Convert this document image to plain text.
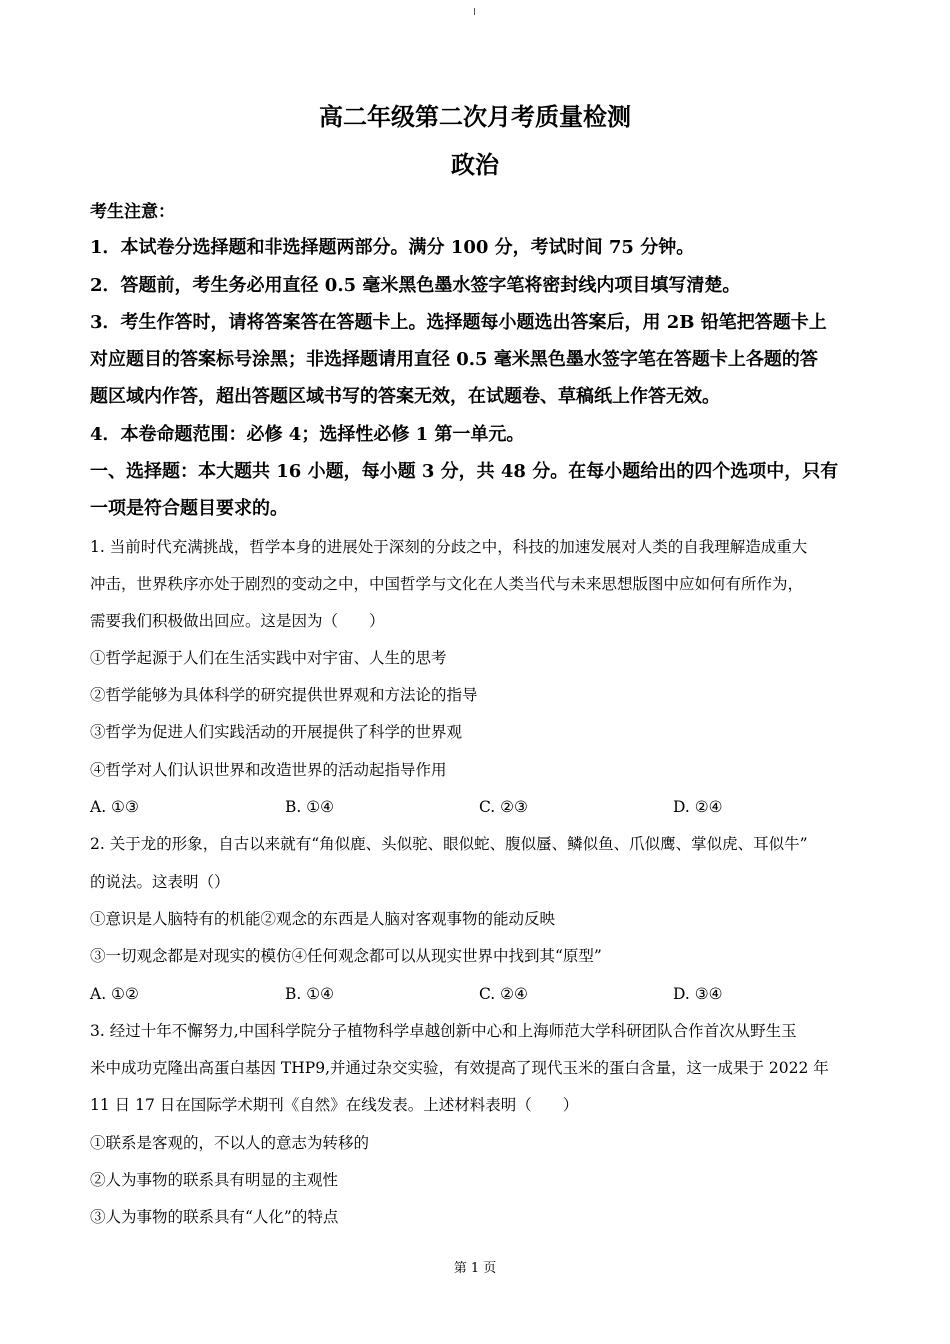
高二年级第二次月考质量检测
政治
考生注意：
1．本试卷分选择题和非选择题两部分。满分 100 分，考试时间 75 分钟。
2．答题前，考生务必用直径 0.5 毫米黑色墨水签字笔将密封线内项目填写清楚。
3．考生作答时，请将答案答在答题卡上。选择题每小题选出答案后，用 2B 铅笔把答题卡上
对应题目的答案标号涂黑；非选择题请用直径 0.5 毫米黑色墨水签字笔在答题卡上各题的答
题区域内作答，超出答题区域书写的答案无效，在试题卷、草稿纸上作答无效。
4．本卷命题范围：必修 4；选择性必修 1 第一单元。
一、选择题：本大题共 16 小题，每小题 3 分，共 48 分。在每小题给出的四个选项中，只有
一项是符合题目要求的。
1. 当前时代充满挑战，哲学本身的进展处于深刻的分歧之中，科技的加速发展对人类的自我理解造成重大
冲击，世界秩序亦处于剧烈的变动之中，中国哲学与文化在人类当代与未来思想版图中应如何有所作为，
需要我们积极做出回应。这是因为（　　）
①哲学起源于人们在生活实践中对宇宙、人生的思考
②哲学能够为具体科学的研究提供世界观和方法论的指导
③哲学为促进人们实践活动的开展提供了科学的世界观
④哲学对人们认识世界和改造世界的活动起指导作用
A. ①③	B. ①④	C. ②③	D. ②④
2. 关于龙的形象，自古以来就有“角似鹿、头似驼、眼似蛇、腹似蜃、鳞似鱼、爪似鹰、掌似虎、耳似牛”
的说法。这表明（）
①意识是人脑特有的机能②观念的东西是人脑对客观事物的能动反映
③一切观念都是对现实的模仿④任何观念都可以从现实世界中找到其“原型”
A. ①②	B. ①④	C. ②④	D. ③④
3. 经过十年不懈努力,中国科学院分子植物科学卓越创新中心和上海师范大学科研团队合作首次从野生玉
米中成功克隆出高蛋白基因 THP9,并通过杂交实验，有效提高了现代玉米的蛋白含量，这一成果于 2022 年
11 日 17 日在国际学术期刊《自然》在线发表。上述材料表明（　　）
①联系是客观的，不以人的意志为转移的
②人为事物的联系具有明显的主观性
③人为事物的联系具有“人化”的特点
第 1 页
